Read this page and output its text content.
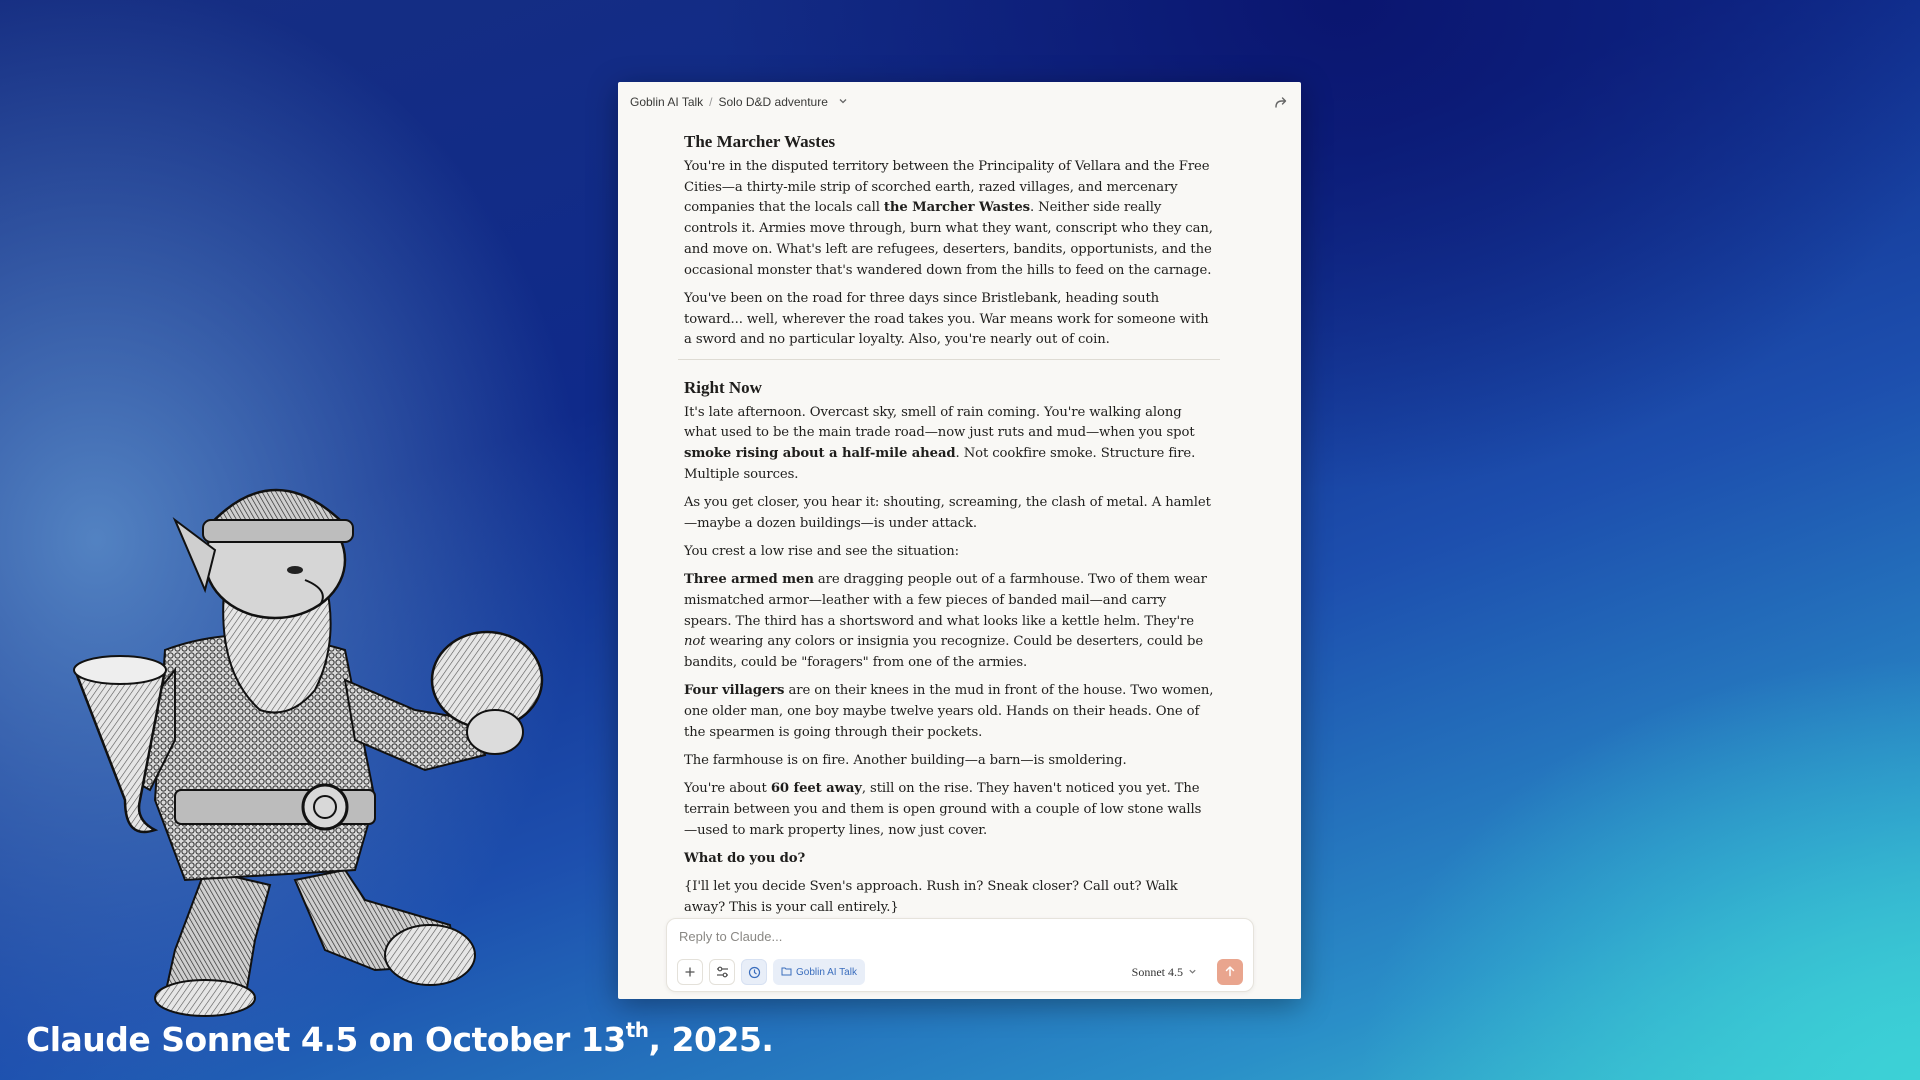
Goblin AI Talk / Solo D&D adventure
The Marcher Wastes

You're in the disputed territory between the Principality of Vellara and the Free Cities—a thirty-mile strip of scorched earth, razed villages, and mercenary companies that the locals call the Marcher Wastes. Neither side really controls it. Armies move through, burn what they want, conscript who they can, and move on. What's left are refugees, deserters, bandits, opportunists, and the occasional monster that's wandered down from the hills to feed on the carnage.

You've been on the road for three days since Bristlebank, heading south toward... well, wherever the road takes you. War means work for someone with a sword and no particular loyalty. Also, you're nearly out of coin.

Right Now

It's late afternoon. Overcast sky, smell of rain coming. You're walking along what used to be the main trade road—now just ruts and mud—when you spot smoke rising about a half-mile ahead. Not cookfire smoke. Structure fire. Multiple sources.

As you get closer, you hear it: shouting, screaming, the clash of metal. A hamlet—maybe a dozen buildings—is under attack.

You crest a low rise and see the situation:

Three armed men are dragging people out of a farmhouse. Two of them wear mismatched armor—leather with a few pieces of banded mail—and carry spears. The third has a shortsword and what looks like a kettle helm. They're not wearing any colors or insignia you recognize. Could be deserters, could be bandits, could be "foragers" from one of the armies.

Four villagers are on their knees in the mud in front of the house. Two women, one older man, one boy maybe twelve years old. Hands on their heads. One of the spearmen is going through their pockets.

The farmhouse is on fire. Another building—a barn—is smoldering.

You're about 60 feet away, still on the rise. They haven't noticed you yet. The terrain between you and them is open ground with a couple of low stone walls—used to mark property lines, now just cover.

What do you do?

{I'll let you decide Sven's approach. Rush in? Sneak closer? Call out? Walk away? This is your call entirely.}

Reply to Claude...
Goblin AI Talk	Sonnet 4.5
Claude Sonnet 4.5 on October 13th, 2025.
